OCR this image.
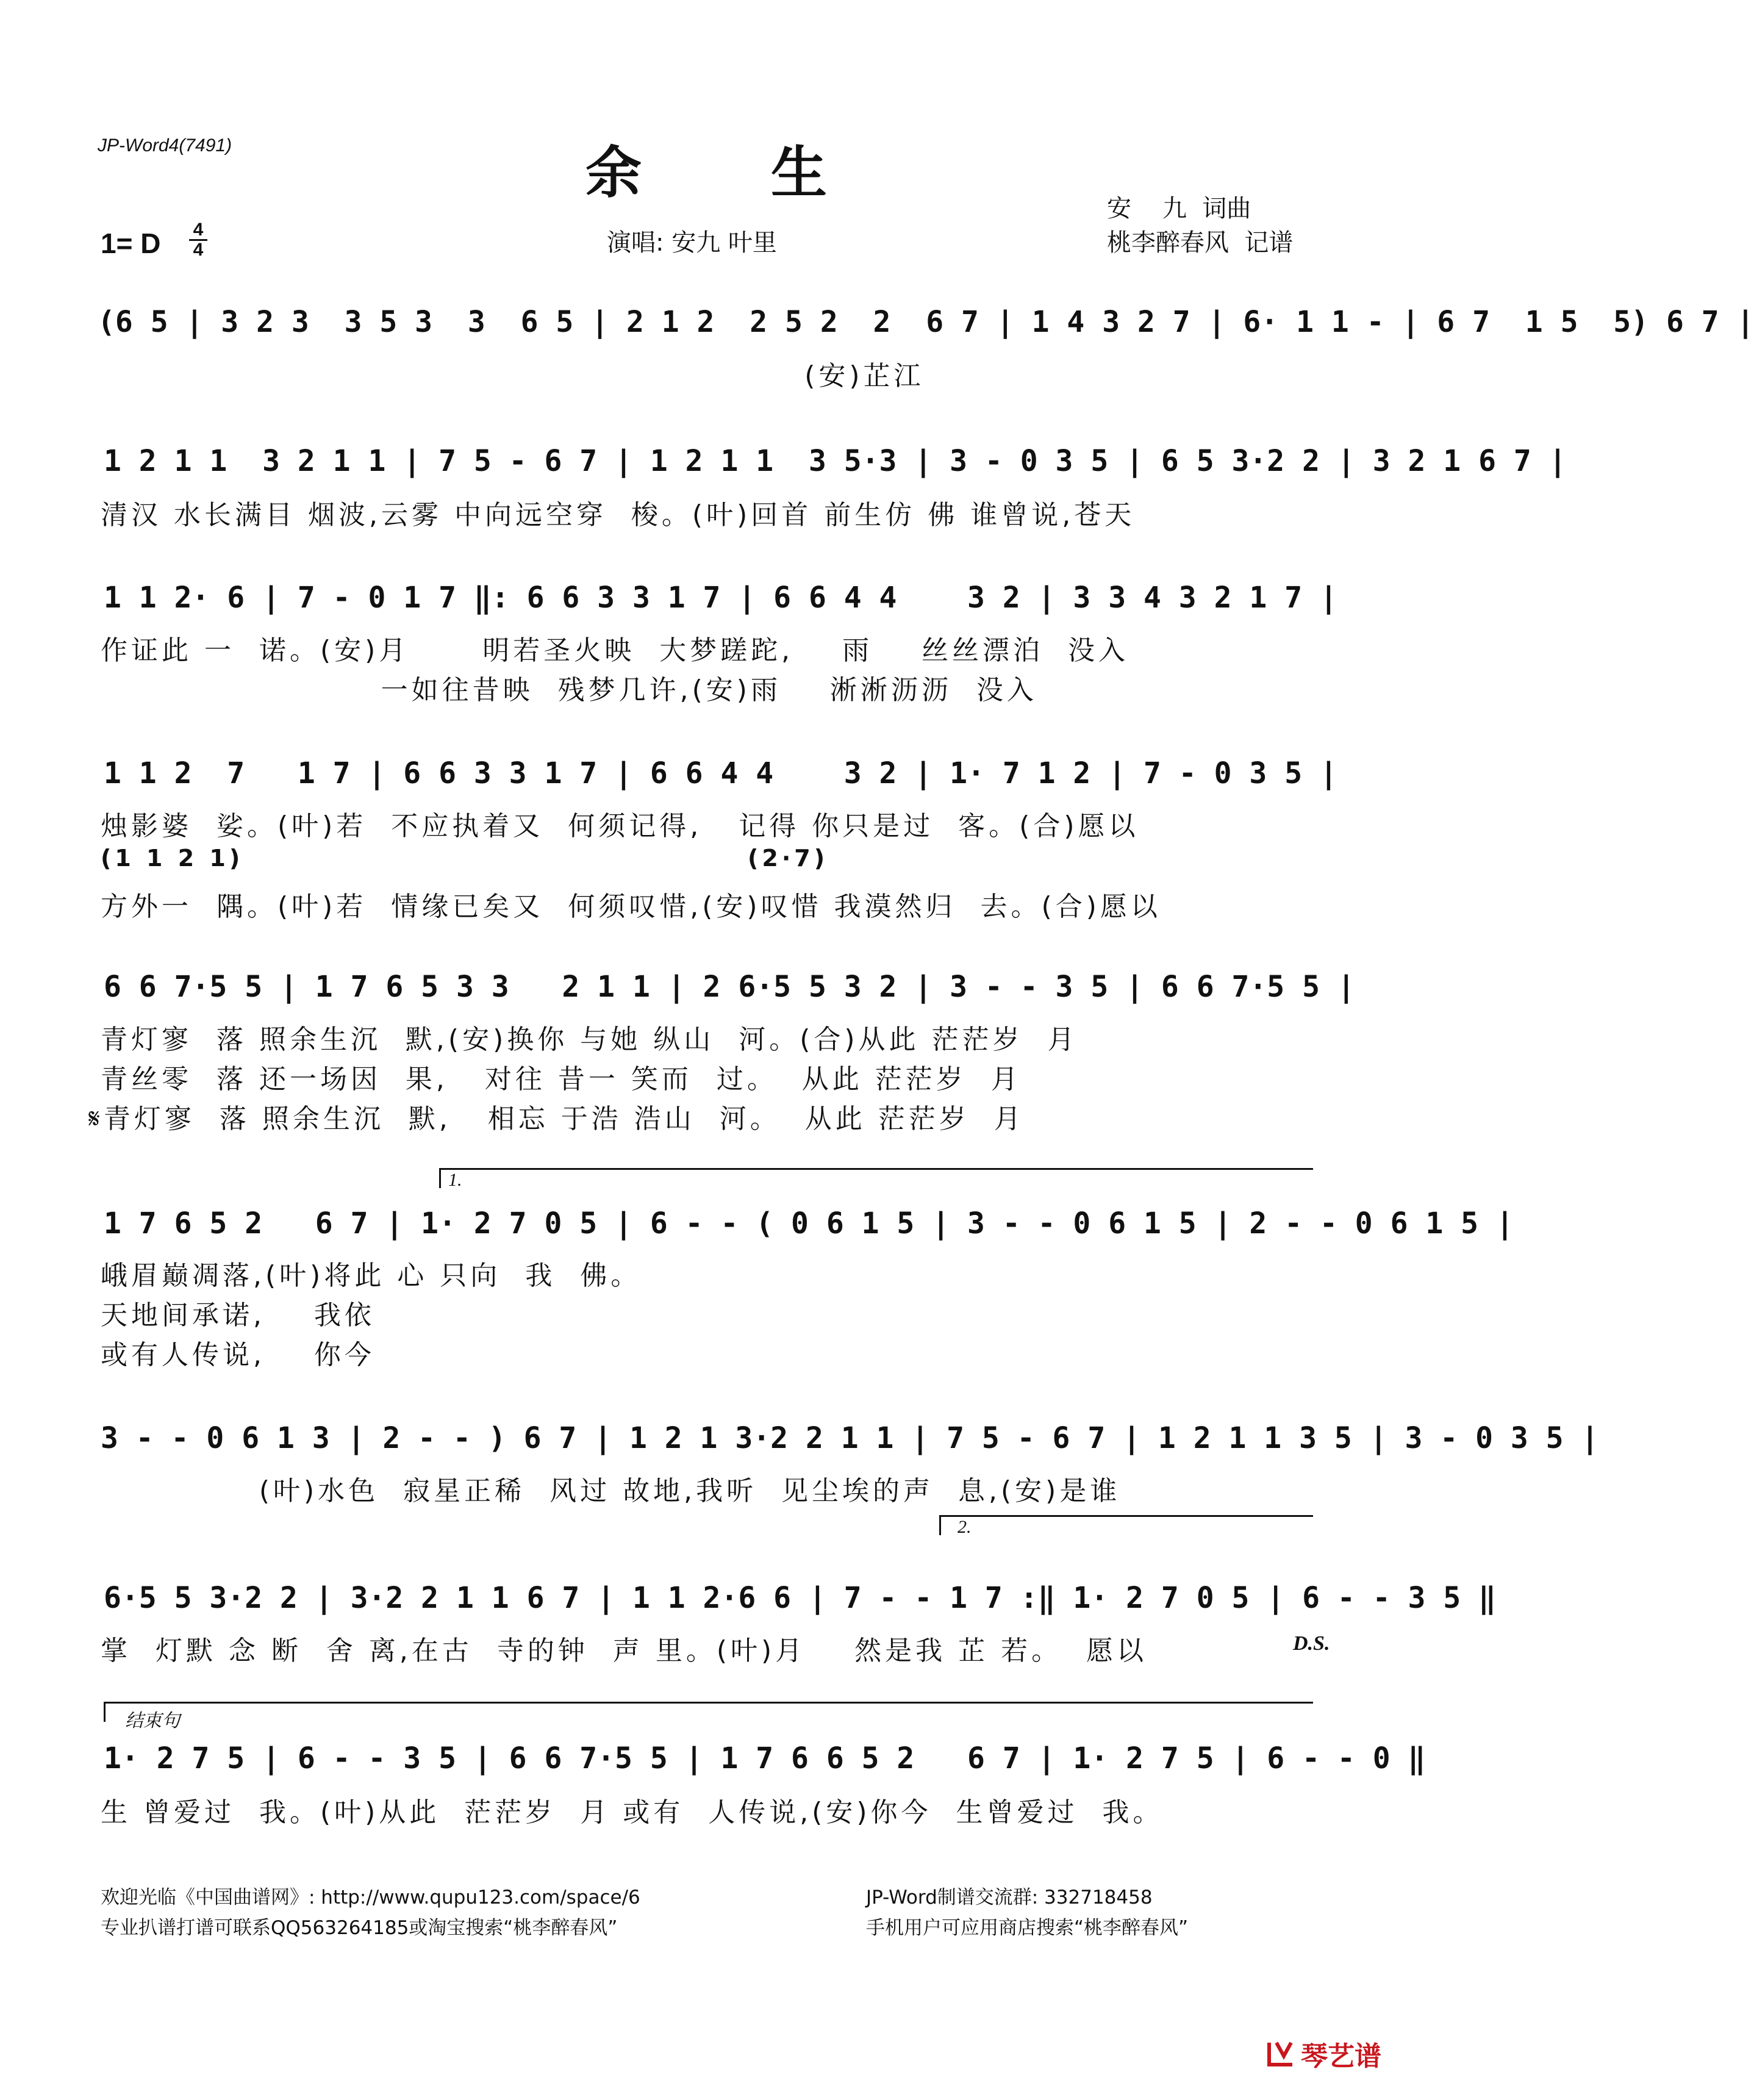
JP-Word4(7491)	余 生
安    九  词曲
桃李醉春风  记谱
演唱: 安九 叶里
1= D 4
4
(6 5 | 3 2 3  3 5 3  3  6 5 | 2 1 2  2 5 2  2  6 7 | 1 4 3 2 7 | 6· 1 1 - | 6 7  1 5  5) 6 7 |
(安)芷江
1 2 1 1  3 2 1 1 | 7 5 - 6 7 | 1 2 1 1  3 5·3 | 3 - 0 3 5 | 6 5 3·2 2 | 3 2 1 6 7 |
清汉 水长满目 烟波,云雾 中向远空穿  梭。(叶)回首 前生仿 佛 谁曾说,苍天
1 1 2· 6 | 7 - 0 1 7 ‖: 6 6 3 3 1 7 | 6 6 4 4    3 2 | 3 3 4 3 2 1 7 |
作证此 一  诺。(安)月      明若圣火映  大梦蹉跎,    雨    丝丝漂泊  没入
一如往昔映  残梦几许,(安)雨    淅淅沥沥  没入
1 1 2  7   1 7 | 6 6 3 3 1 7 | 6 6 4 4    3 2 | 1· 7 1 2 | 7 - 0 3 5 |
烛影婆  娑。(叶)若  不应执着又  何须记得,   记得 你只是过  客。(合)愿以
(1 1 2 1)                                           (2·7)
方外一  隅。(叶)若  情缘已矣又  何须叹惜,(安)叹惜 我漠然归  去。(合)愿以
6 6 7·5 5 | 1 7 6 5 3 3   2 1 1 | 2 6·5 5 3 2 | 3 - - 3 5 | 6 6 7·5 5 |
青灯寥  落 照余生沉  默,(安)换你 与她 纵山  河。(合)从此 茫茫岁  月
青丝零  落 还一场因  果,   对往 昔一 笑而  过。  从此 茫茫岁  月
𝄋青灯寥  落 照余生沉  默,   相忘 于浩 浩山  河。  从此 茫茫岁  月
1.
1 7 6 5 2   6 7 | 1· 2 7 0 5 | 6 - - ( 0 6 1 5 | 3 - - 0 6 1 5 | 2 - - 0 6 1 5 |
峨眉巅凋落,(叶)将此 心 只向  我  佛。
天地间承诺,    我依
或有人传说,    你今
3 - - 0 6 1 3 | 2 - - ) 6 7 | 1 2 1 3·2 2 1 1 | 7 5 - 6 7 | 1 2 1 1 3 5 | 3 - 0 3 5 |
(叶)水色  寂星正稀  风过 故地,我听  见尘埃的声  息,(安)是谁
2.
6·5 5 3·2 2 | 3·2 2 1 1 6 7 | 1 1 2·6 6 | 7 - - 1 7 :‖ 1· 2 7 0 5 | 6 - - 3 5 ‖
掌  灯默 念 断  舍 离,在古  寺的钟  声 里。(叶)月    然是我 芷 若。  愿以	D.S.
结束句
1· 2 7 5 | 6 - - 3 5 | 6 6 7·5 5 | 1 7 6 6 5 2   6 7 | 1· 2 7 5 | 6 - - 0 ‖
生 曾爱过  我。(叶)从此  茫茫岁  月 或有  人传说,(安)你今  生曾爱过  我。
欢迎光临《中国曲谱网》: http://www.qupu123.com/space/6
专业扒谱打谱可联系QQ563264185或淘宝搜索“桃李醉春风”
JP-Word制谱交流群: 332718458
手机用户可应用商店搜索“桃李醉春风”
琴艺谱
